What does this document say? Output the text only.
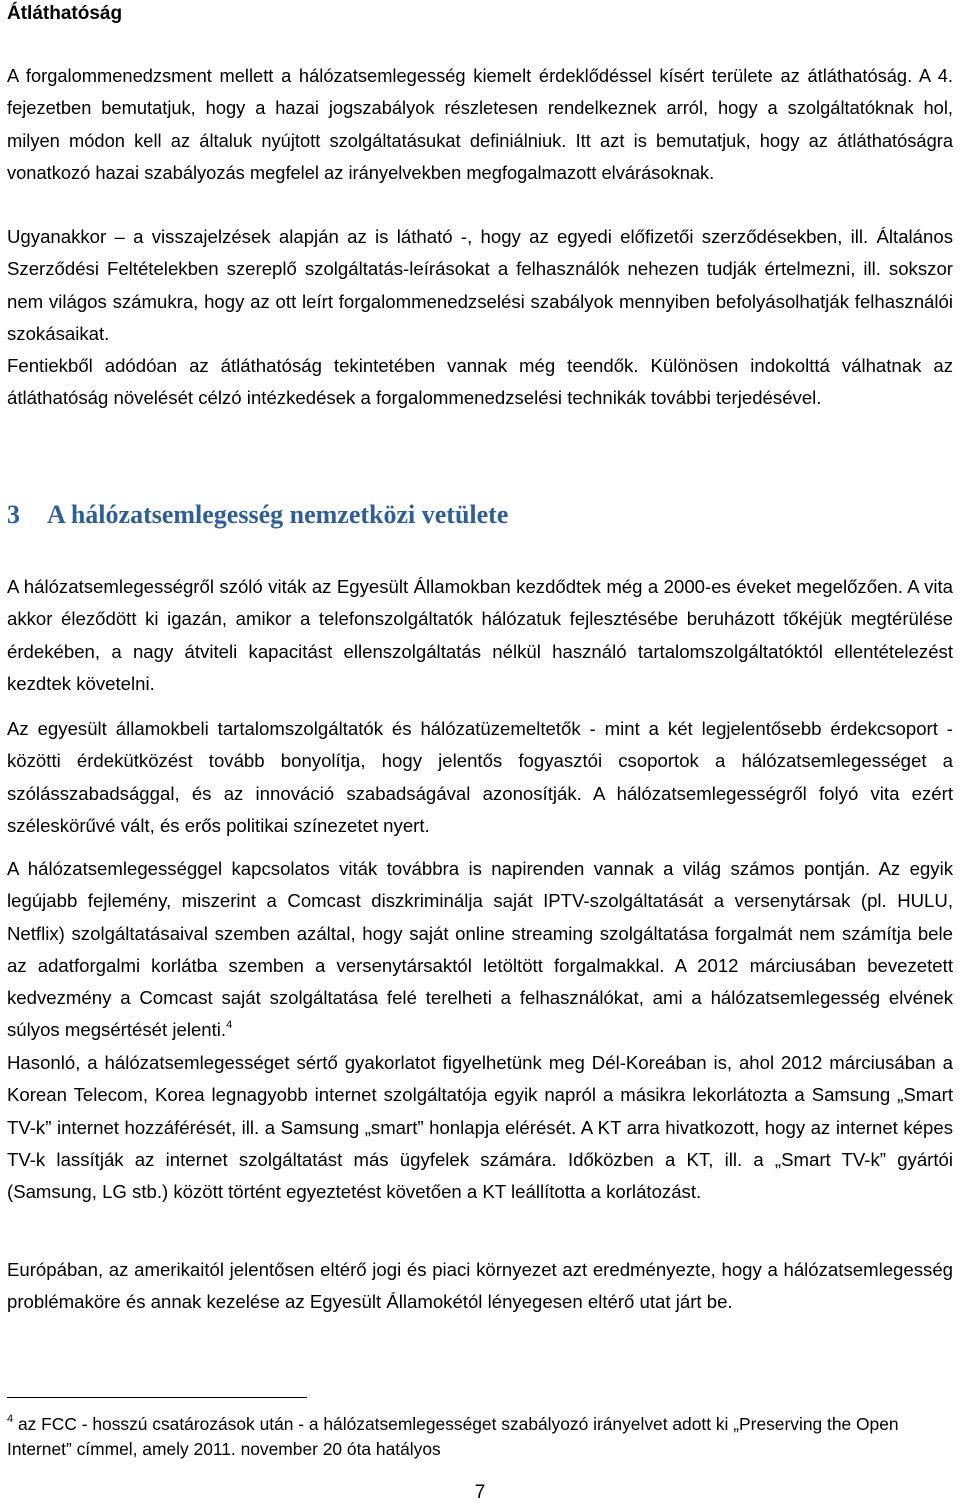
Átláthatóság
A forgalommenedzsment mellett a hálózatsemlegesség kiemelt érdeklődéssel kísért területe az átláthatóság. A 4. fejezetben bemutatjuk, hogy a hazai jogszabályok részletesen rendelkeznek arról, hogy a szolgáltatóknak hol, milyen módon kell az általuk nyújtott szolgáltatásukat definiálniuk. Itt azt is bemutatjuk, hogy az átláthatóságra vonatkozó hazai szabályozás megfelel az irányelvekben megfogalmazott elvárásoknak.
Ugyanakkor – a visszajelzések alapján az is látható -, hogy az egyedi előfizetői szerződésekben, ill. Általános Szerződési Feltételekben szereplő szolgáltatás-leírásokat a felhasználók nehezen tudják értelmezni, ill. sokszor nem világos számukra, hogy az ott leírt forgalommenedzselési szabályok mennyiben befolyásolhatják felhasználói szokásaikat.
Fentiekből adódóan az átláthatóság tekintetében vannak még teendők. Különösen indokolttá válhatnak az átláthatóság növelését célzó intézkedések a forgalommenedzselési technikák további terjedésével.
3 A hálózatsemlegesség nemzetközi vetülete
A hálózatsemlegességről szóló viták az Egyesült Államokban kezdődtek még a 2000-es éveket megelőzően. A vita akkor éleződött ki igazán, amikor a telefonszolgáltatók hálózatuk fejlesztésébe beruházott tőkéjük megtérülése érdekében, a nagy átviteli kapacitást ellenszolgáltatás nélkül használó tartalomszolgáltatóktól ellentételezést kezdtek követelni.
Az egyesült államokbeli tartalomszolgáltatók és hálózatüzemeltetők - mint a két legjelentősebb érdekcsoport - közötti érdekütközést tovább bonyolítja, hogy jelentős fogyasztói csoportok a hálózatsemlegességet a szólásszabadsággal, és az innováció szabadságával azonosítják. A hálózatsemlegességről folyó vita ezért széleskörűvé vált, és erős politikai színezetet nyert.
A hálózatsemlegességgel kapcsolatos viták továbbra is napirenden vannak a világ számos pontján. Az egyik legújabb fejlemény, miszerint a Comcast diszkriminálja saját IPTV-szolgáltatását a versenytársak (pl. HULU, Netflix) szolgáltatásaival szemben azáltal, hogy saját online streaming szolgáltatása forgalmát nem számítja bele az adatforgalmi korlátba szemben a versenytársaktól letöltött forgalmakkal. A 2012 márciusában bevezetett kedvezmény a Comcast saját szolgáltatása felé terelheti a felhasználókat, ami a hálózatsemlegesség elvének súlyos megsértését jelenti.$^4$
Hasonló, a hálózatsemlegességet sértő gyakorlatot figyelhetünk meg Dél-Koreában is, ahol 2012 márciusában a Korean Telecom, Korea legnagyobb internet szolgáltatója egyik napról a másikra lekorlátozta a Samsung „Smart TV-k” internet hozzáférését, ill. a Samsung „smart” honlapja elérését. A KT arra hivatkozott, hogy az internet képes TV-k lassítják az internet szolgáltatást más ügyfelek számára. Időközben a KT, ill. a „Smart TV-k” gyártói (Samsung, LG stb.) között történt egyeztetést követően a KT leállította a korlátozást.
Európában, az amerikaitól jelentősen eltérő jogi és piaci környezet azt eredményezte, hogy a hálózatsemlegesség problémaköre és annak kezelése az Egyesült Államokétól lényegesen eltérő utat járt be.
$^4$ az FCC - hosszú csatározások után - a hálózatsemlegességet szabályozó irányelvet adott ki „Preserving the Open Internet” címmel, amely 2011. november 20 óta hatályos
7
